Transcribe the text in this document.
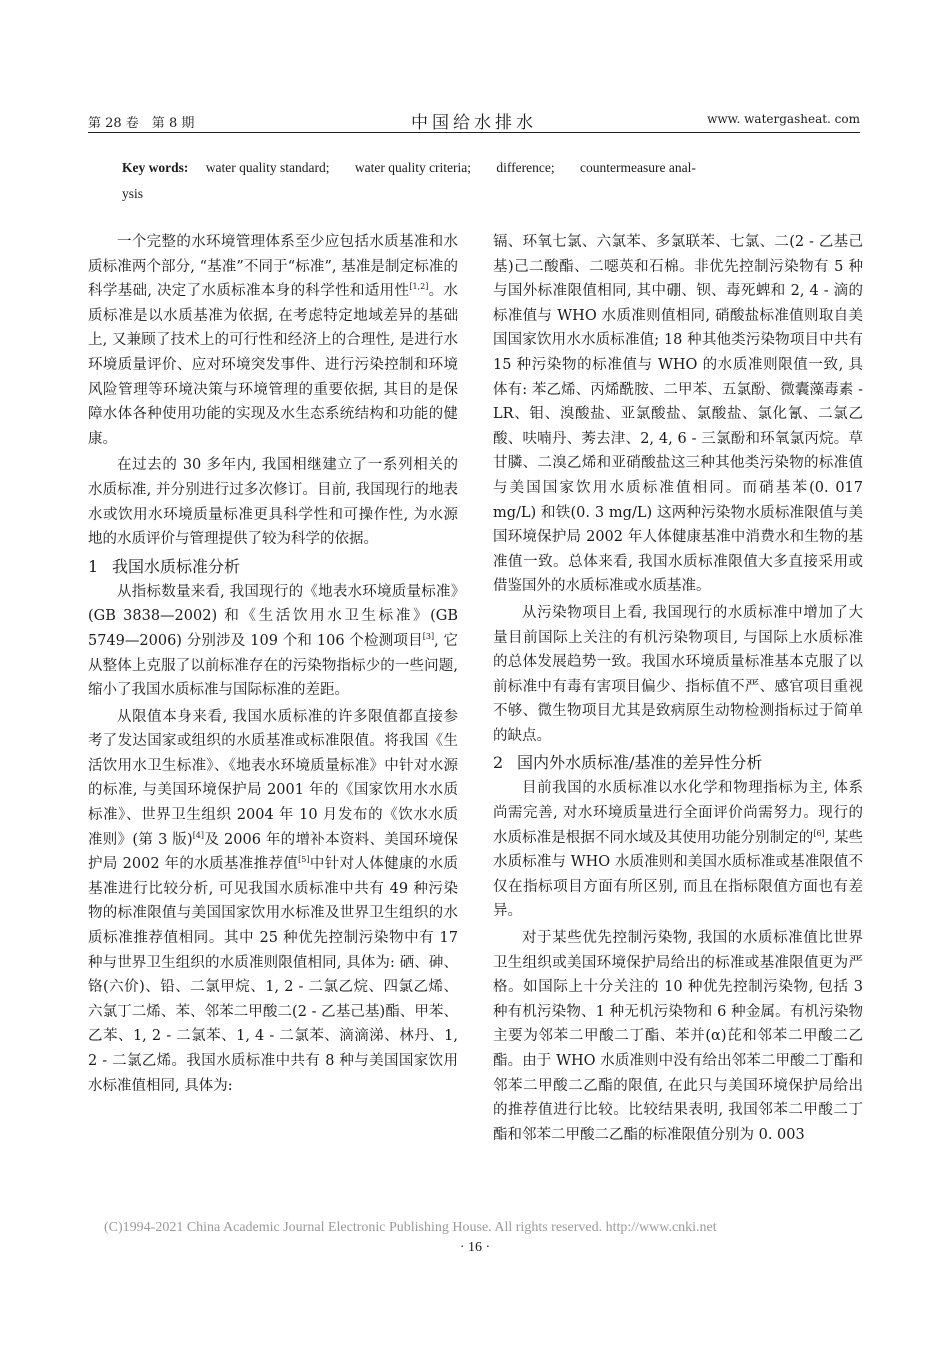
第 28 卷　第 8 期	中国给水排水	www. watergasheat. com
Key words: water quality standard; water quality criteria; difference; countermeasure anal-
ysis

一个完整的水环境管理体系至少应包括水质基准和水质标准两个部分, “基准”不同于“标准”, 基准是制定标准的科学基础, 决定了水质标准本身的科学性和适用性[1,2]。水质标准是以水质基准为依据, 在考虑特定地域差异的基础上, 又兼顾了技术上的可行性和经济上的合理性, 是进行水环境质量评价、应对环境突发事件、进行污染控制和环境风险管理等环境决策与环境管理的重要依据, 其目的是保障水体各种使用功能的实现及水生态系统结构和功能的健康。

在过去的 30 多年内, 我国相继建立了一系列相关的水质标准, 并分别进行过多次修订。目前, 我国现行的地表水或饮用水环境质量标准更具科学性和可操作性, 为水源地的水质评价与管理提供了较为科学的依据。

1 我国水质标准分析

从指标数量来看, 我国现行的《地表水环境质量标准》(GB 3838—2002) 和《生活饮用水卫生标准》(GB 5749—2006) 分别涉及 109 个和 106 个检测项目[3], 它从整体上克服了以前标准存在的污染物指标少的一些问题, 缩小了我国水质标准与国际标准的差距。

从限值本身来看, 我国水质标准的许多限值都直接参考了发达国家或组织的水质基准或标准限值。将我国《生活饮用水卫生标准》、《地表水环境质量标准》中针对水源的标准, 与美国环境保护局 2001 年的《国家饮用水水质标准》、世界卫生组织 2004 年 10 月发布的《饮水水质准则》(第 3 版)[4]及 2006 年的增补本资料、美国环境保护局 2002 年的水质基准推荐值[5]中针对人体健康的水质基准进行比较分析, 可见我国水质标准中共有 49 种污染物的标准限值与美国国家饮用水标准及世界卫生组织的水质标准推荐值相同。其中 25 种优先控制污染物中有 17 种与世界卫生组织的水质准则限值相同, 具体为: 硒、砷、铬(六价)、铅、二氯甲烷、1, 2 - 二氯乙烷、四氯乙烯、六氯丁二烯、苯、邻苯二甲酸二(2 - 乙基己基)酯、甲苯、乙苯、1, 2 - 二氯苯、1, 4 - 二氯苯、滴滴涕、林丹、1, 2 - 二氯乙烯。我国水质标准中共有 8 种与美国国家饮用水标准值相同, 具体为:

镉、环氧七氯、六氯苯、多氯联苯、七氯、二(2 - 乙基己基)己二酸酯、二噁英和石棉。非优先控制污染物有 5 种与国外标准限值相同, 其中硼、钡、毒死蜱和 2, 4 - 滴的标准值与 WHO 水质准则值相同, 硝酸盐标准值则取自美国国家饮用水水质标准值; 18 种其他类污染物项目中共有 15 种污染物的标准值与 WHO 的水质准则限值一致, 具体有: 苯乙烯、丙烯酰胺、二甲苯、五氯酚、微囊藻毒素 - LR、钼、溴酸盐、亚氯酸盐、氯酸盐、氯化氰、二氯乙酸、呋喃丹、莠去津、2, 4, 6 - 三氯酚和环氧氯丙烷。草甘膦、二溴乙烯和亚硝酸盐这三种其他类污染物的标准值与美国国家饮用水质标准值相同。而硝基苯(0. 017 mg/L) 和铁(0. 3 mg/L) 这两种污染物水质标准限值与美国环境保护局 2002 年人体健康基准中消费水和生物的基准值一致。总体来看, 我国水质标准限值大多直接采用或借鉴国外的水质标准或水质基准。

从污染物项目上看, 我国现行的水质标准中增加了大量目前国际上关注的有机污染物项目, 与国际上水质标准的总体发展趋势一致。我国水环境质量标准基本克服了以前标准中有毒有害项目偏少、指标值不严、感官项目重视不够、微生物项目尤其是致病原生动物检测指标过于简单的缺点。

2 国内外水质标准/基准的差异性分析

目前我国的水质标准以水化学和物理指标为主, 体系尚需完善, 对水环境质量进行全面评价尚需努力。现行的水质标准是根据不同水域及其使用功能分别制定的[6], 某些水质标准与 WHO 水质准则和美国水质标准或基准限值不仅在指标项目方面有所区别, 而且在指标限值方面也有差异。

对于某些优先控制污染物, 我国的水质标准值比世界卫生组织或美国环境保护局给出的标准或基准限值更为严格。如国际上十分关注的 10 种优先控制污染物, 包括 3 种有机污染物、1 种无机污染物和 6 种金属。有机污染物主要为邻苯二甲酸二丁酯、苯并(α)芘和邻苯二甲酸二乙酯。由于 WHO 水质准则中没有给出邻苯二甲酸二丁酯和邻苯二甲酸二乙酯的限值, 在此只与美国环境保护局给出的推荐值进行比较。比较结果表明, 我国邻苯二甲酸二丁酯和邻苯二甲酸二乙酯的标准限值分别为 0. 003

(C)1994-2021 China Academic Journal Electronic Publishing House. All rights reserved. http://www.cnki.net
· 16 ·
